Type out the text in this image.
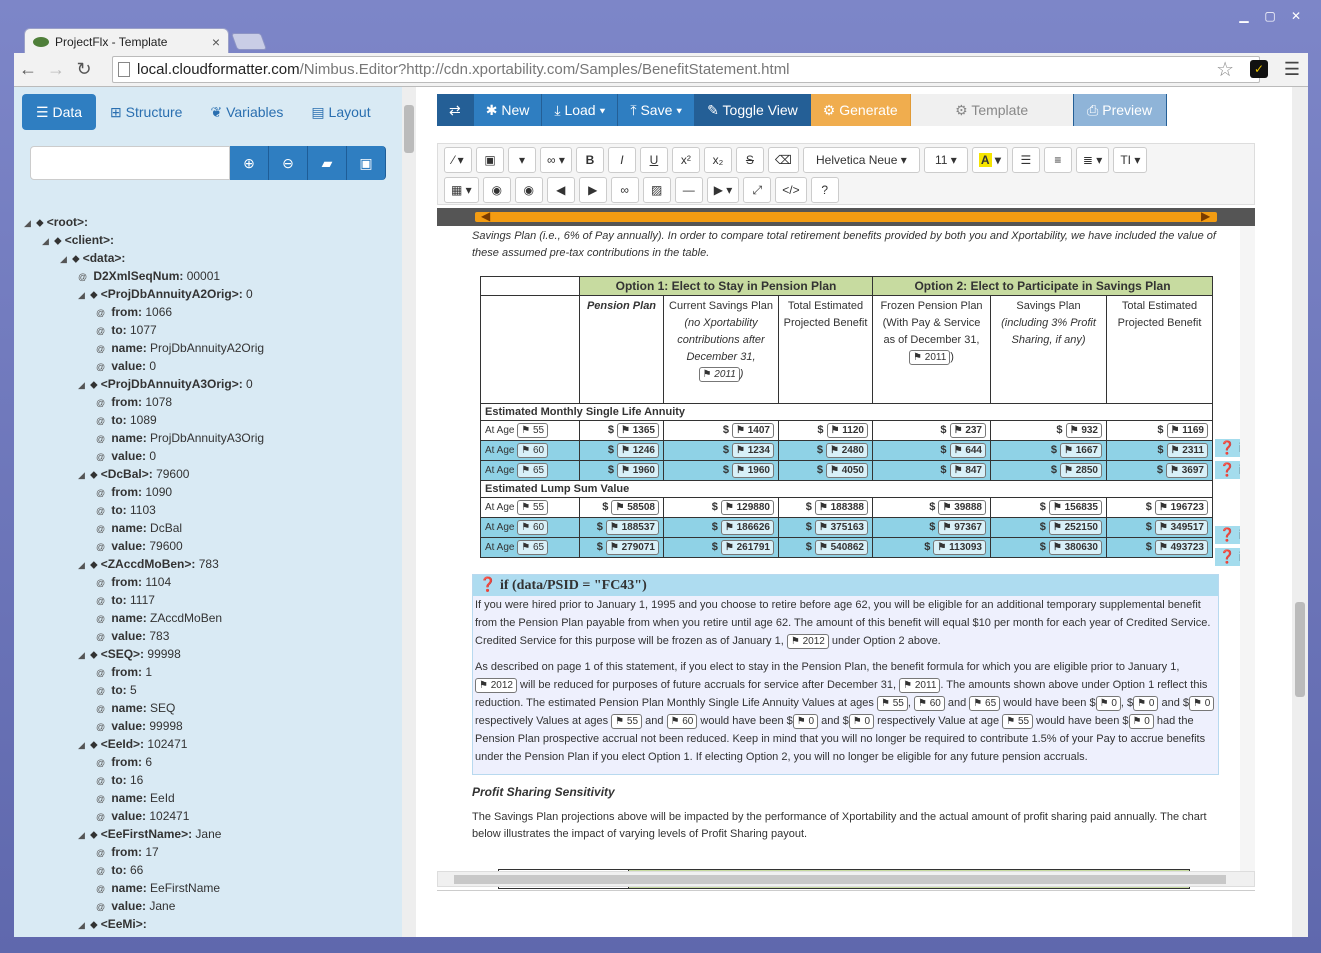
ProjectFlx - Template	×
▁	▢	✕
← → ↻	local.cloudformatter.com /Nimbus.Editor?http://cdn.xportability.com/Samples/BenefitStatement.html	☆	✓ ☰
☰ Data	⊞ Structure	❦ Variables	▤ Layout
⊕	⊖	▰	▣
◢ ⬥ <root>:
◢ ⬥ <client>:
◢ ⬥ <data>:
@ D2XmlSeqNum: 00001
◢ ⬥ <ProjDbAnnuityA2Orig>: 0
@ from: 1066
@ to: 1077
@ name: ProjDbAnnuityA2Orig
@ value: 0
◢ ⬥ <ProjDbAnnuityA3Orig>: 0
@ from: 1078
@ to: 1089
@ name: ProjDbAnnuityA3Orig
@ value: 0
◢ ⬥ <DcBal>: 79600
@ from: 1090
@ to: 1103
@ name: DcBal
@ value: 79600
◢ ⬥ <ZAccdMoBen>: 783
@ from: 1104
@ to: 1117
@ name: ZAccdMoBen
@ value: 783
◢ ⬥ <SEQ>: 99998
@ from: 1
@ to: 5
@ name: SEQ
@ value: 99998
◢ ⬥ <EeId>: 102471
@ from: 6
@ to: 16
@ name: EeId
@ value: 102471
◢ ⬥ <EeFirstName>: Jane
@ from: 17
@ to: 66
@ name: EeFirstName
@ value: Jane
◢ ⬥ <EeMi>:
⇄	✱ New	⤓ Load ▾	⤒ Save ▾	✎ Toggle View	⚙ Generate	⚙ Template	⎙ Preview
⁄ ▾	▣	▾	∞ ▾	B	I	U	x²	x₂	S	⌫	Helvetica Neue ▾	11 ▾	A ▾	☰	≡	≣ ▾	TI ▾
▦ ▾	◉	◉	◀	▶	∞	▨	—	▶ ▾	⤢	</>	?
◀	▶
Savings Plan (i.e., 6% of Pay annually). In order to compare total retirement benefits provided by both you and Xportability, we have included the value of these assumed pre-tax contributions in the table.
	Option 1: Elect to Stay in Pension Plan			Option 2: Elect to Participate in Savings Plan		
	Pension Plan	Current Savings Plan (no Xportability contributions after December 31, ⚑ 2011 )	Total Estimated Projected Benefit	Frozen Pension Plan (With Pay & Service as of December 31, ⚑ 2011 )	Savings Plan (including 3% Profit Sharing, if any)	Total Estimated Projected Benefit
Estimated Monthly Single Life Annuity						
At Age ⚑ 55	$ ⚑ 1365	$ ⚑ 1407	$ ⚑ 1120	$ ⚑ 237	$ ⚑ 932	$ ⚑ 1169
At Age ⚑ 60	$ ⚑ 1246	$ ⚑ 1234	$ ⚑ 2480	$ ⚑ 644	$ ⚑ 1667	$ ⚑ 2311
At Age ⚑ 65	$ ⚑ 1960	$ ⚑ 1960	$ ⚑ 4050	$ ⚑ 847	$ ⚑ 2850	$ ⚑ 3697
Estimated Lump Sum Value						
At Age ⚑ 55	$ ⚑ 58508	$ ⚑ 129880	$ ⚑ 188388	$ ⚑ 39888	$ ⚑ 156835	$ ⚑ 196723
At Age ⚑ 60	$ ⚑ 188537	$ ⚑ 186626	$ ⚑ 375163	$ ⚑ 97367	$ ⚑ 252150	$ ⚑ 349517
At Age ⚑ 65	$ ⚑ 279071	$ ⚑ 261791	$ ⚑ 540862	$ ⚑ 113093	$ ⚑ 380630	$ ⚑ 493723
❓
❓
❓
❓
❓ if (data/PSID = "FC43")

If you were hired prior to January 1, 1995 and you choose to retire before age 62, you will be eligible for an additional temporary supplemental benefit from the Pension Plan payable from when you retire until age 62. The amount of this benefit will equal $10 per month for each year of Credited Service. Credited Service for this purpose will be frozen as of January 1, ⚑ 2012 under Option 2 above.

As described on page 1 of this statement, if you elect to stay in the Pension Plan, the benefit formula for which you are eligible prior to January 1, ⚑ 2012 will be reduced for purposes of future accruals for service after December 31, ⚑ 2011 . The amounts shown above under Option 1 reflect this reduction. The estimated Pension Plan Monthly Single Life Annuity Values at ages ⚑ 55 , ⚑ 60 and ⚑ 65 would have been $ ⚑ 0 , $ ⚑ 0 and $ ⚑ 0 respectively Values at ages ⚑ 55 and ⚑ 60 would have been $ ⚑ 0 and $ ⚑ 0 respectively Value at age ⚑ 55 would have been $ ⚑ 0 had the Pension Plan prospective accrual not been reduced. Keep in mind that you will no longer be required to contribute 1.5% of your Pay to accrue benefits under the Pension Plan if you elect Option 1. If electing Option 2, you will no longer be eligible for any future pension accruals.

Profit Sharing Sensitivity
The Savings Plan projections above will be impacted by the performance of Xportability and the actual amount of profit sharing paid annually. The chart below illustrates the impact of varying levels of Profit Sharing payout.
